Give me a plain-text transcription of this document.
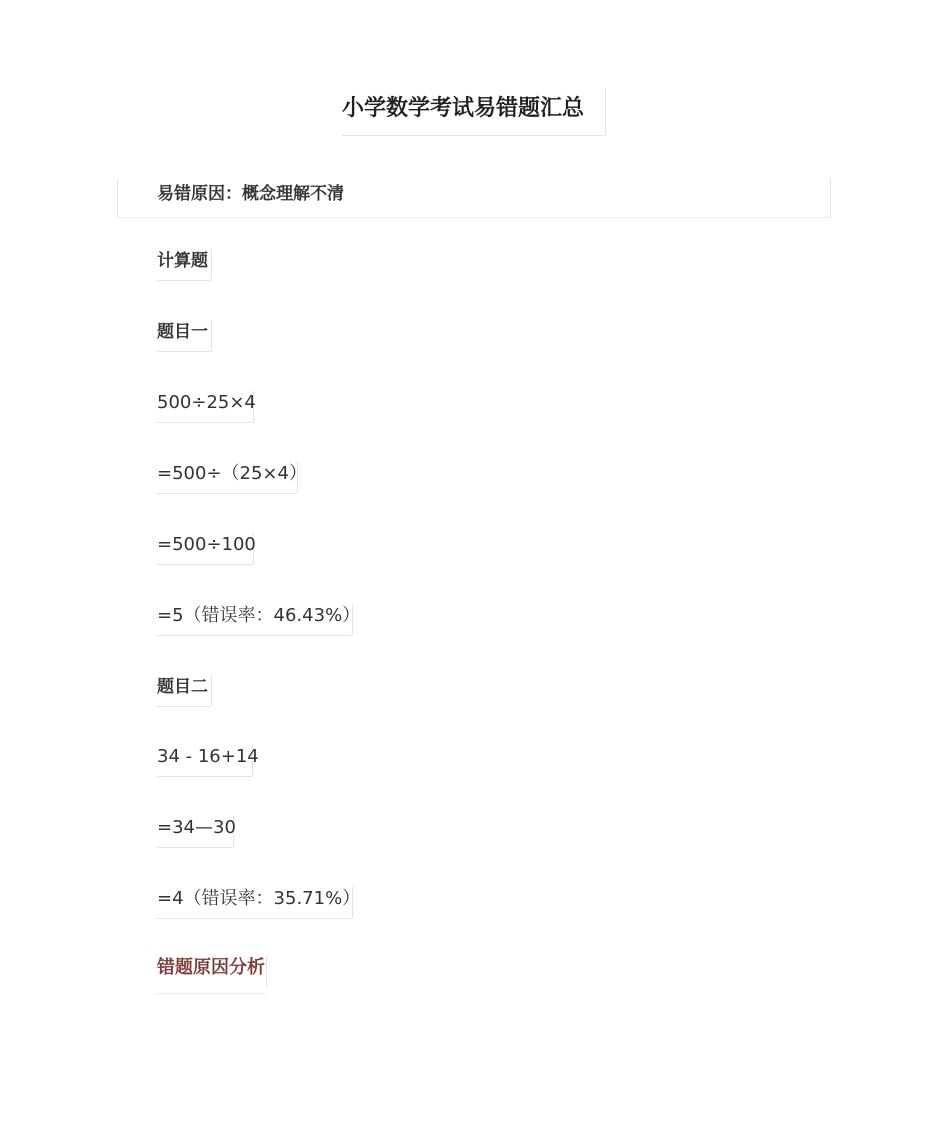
小学数学考试易错题汇总
易错原因：概念理解不清
计算题
题目一
500÷25×4
=500÷（25×4）
=500÷100
=5（错误率：46.43%）
题目二
34 - 16+14
=34—30
=4（错误率：35.71%）
错题原因分析
